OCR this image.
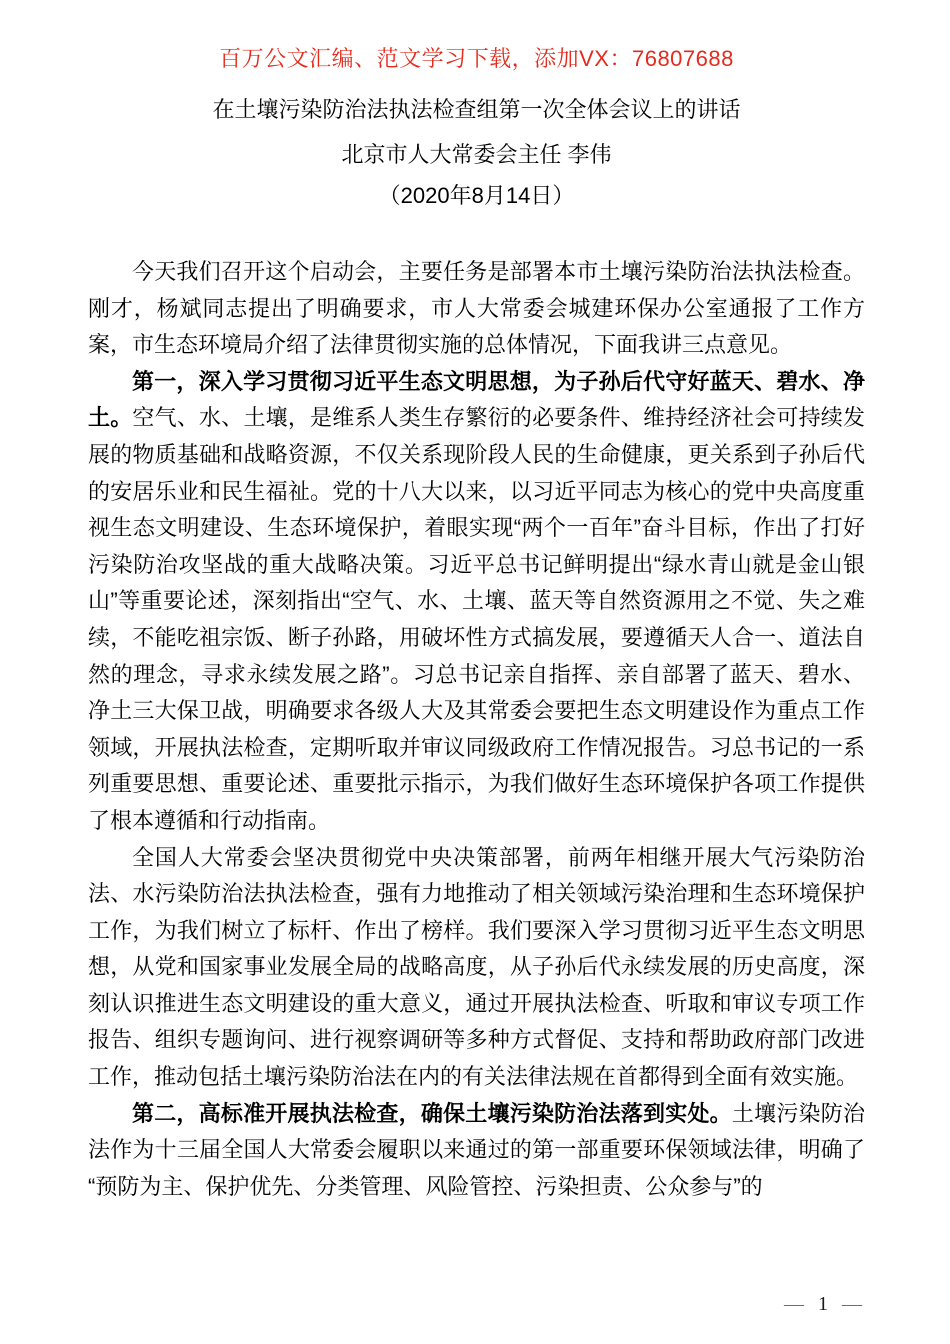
百万公文汇编、范文学习下载，添加VX：76807688
在土壤污染防治法执法检查组第一次全体会议上的讲话
北京市人大常委会主任 李伟
（2020年8月14日）

今天我们召开这个启动会，主要任务是部署本市土壤污染防治法执法检查。刚才，杨斌同志提出了明确要求，市人大常委会城建环保办公室通报了工作方案，市生态环境局介绍了法律贯彻实施的总体情况，下面我讲三点意见。

第一，深入学习贯彻习近平生态文明思想，为子孙后代守好蓝天、碧水、净土。空气、水、土壤，是维系人类生存繁衍的必要条件、维持经济社会可持续发展的物质基础和战略资源，不仅关系现阶段人民的生命健康，更关系到子孙后代的安居乐业和民生福祉。党的十八大以来，以习近平同志为核心的党中央高度重视生态文明建设、生态环境保护，着眼实现“两个一百年”奋斗目标，作出了打好污染防治攻坚战的重大战略决策。习近平总书记鲜明提出“绿水青山就是金山银山”等重要论述，深刻指出“空气、水、土壤、蓝天等自然资源用之不觉、失之难续，不能吃祖宗饭、断子孙路，用破坏性方式搞发展，要遵循天人合一、道法自然的理念，寻求永续发展之路”。习总书记亲自指挥、亲自部署了蓝天、碧水、净土三大保卫战，明确要求各级人大及其常委会要把生态文明建设作为重点工作领域，开展执法检查，定期听取并审议同级政府工作情况报告。习总书记的一系列重要思想、重要论述、重要批示指示，为我们做好生态环境保护各项工作提供了根本遵循和行动指南。

全国人大常委会坚决贯彻党中央决策部署，前两年相继开展大气污染防治法、水污染防治法执法检查，强有力地推动了相关领域污染治理和生态环境保护工作，为我们树立了标杆、作出了榜样。我们要深入学习贯彻习近平生态文明思想，从党和国家事业发展全局的战略高度，从子孙后代永续发展的历史高度，深刻认识推进生态文明建设的重大意义，通过开展执法检查、听取和审议专项工作报告、组织专题询问、进行视察调研等多种方式督促、支持和帮助政府部门改进工作，推动包括土壤污染防治法在内的有关法律法规在首都得到全面有效实施。

第二，高标准开展执法检查，确保土壤污染防治法落到实处。土壤污染防治法作为十三届全国人大常委会履职以来通过的第一部重要环保领域法律，明确了“预防为主、保护优先、分类管理、风险管控、污染担责、公众参与”的

— 1 —
